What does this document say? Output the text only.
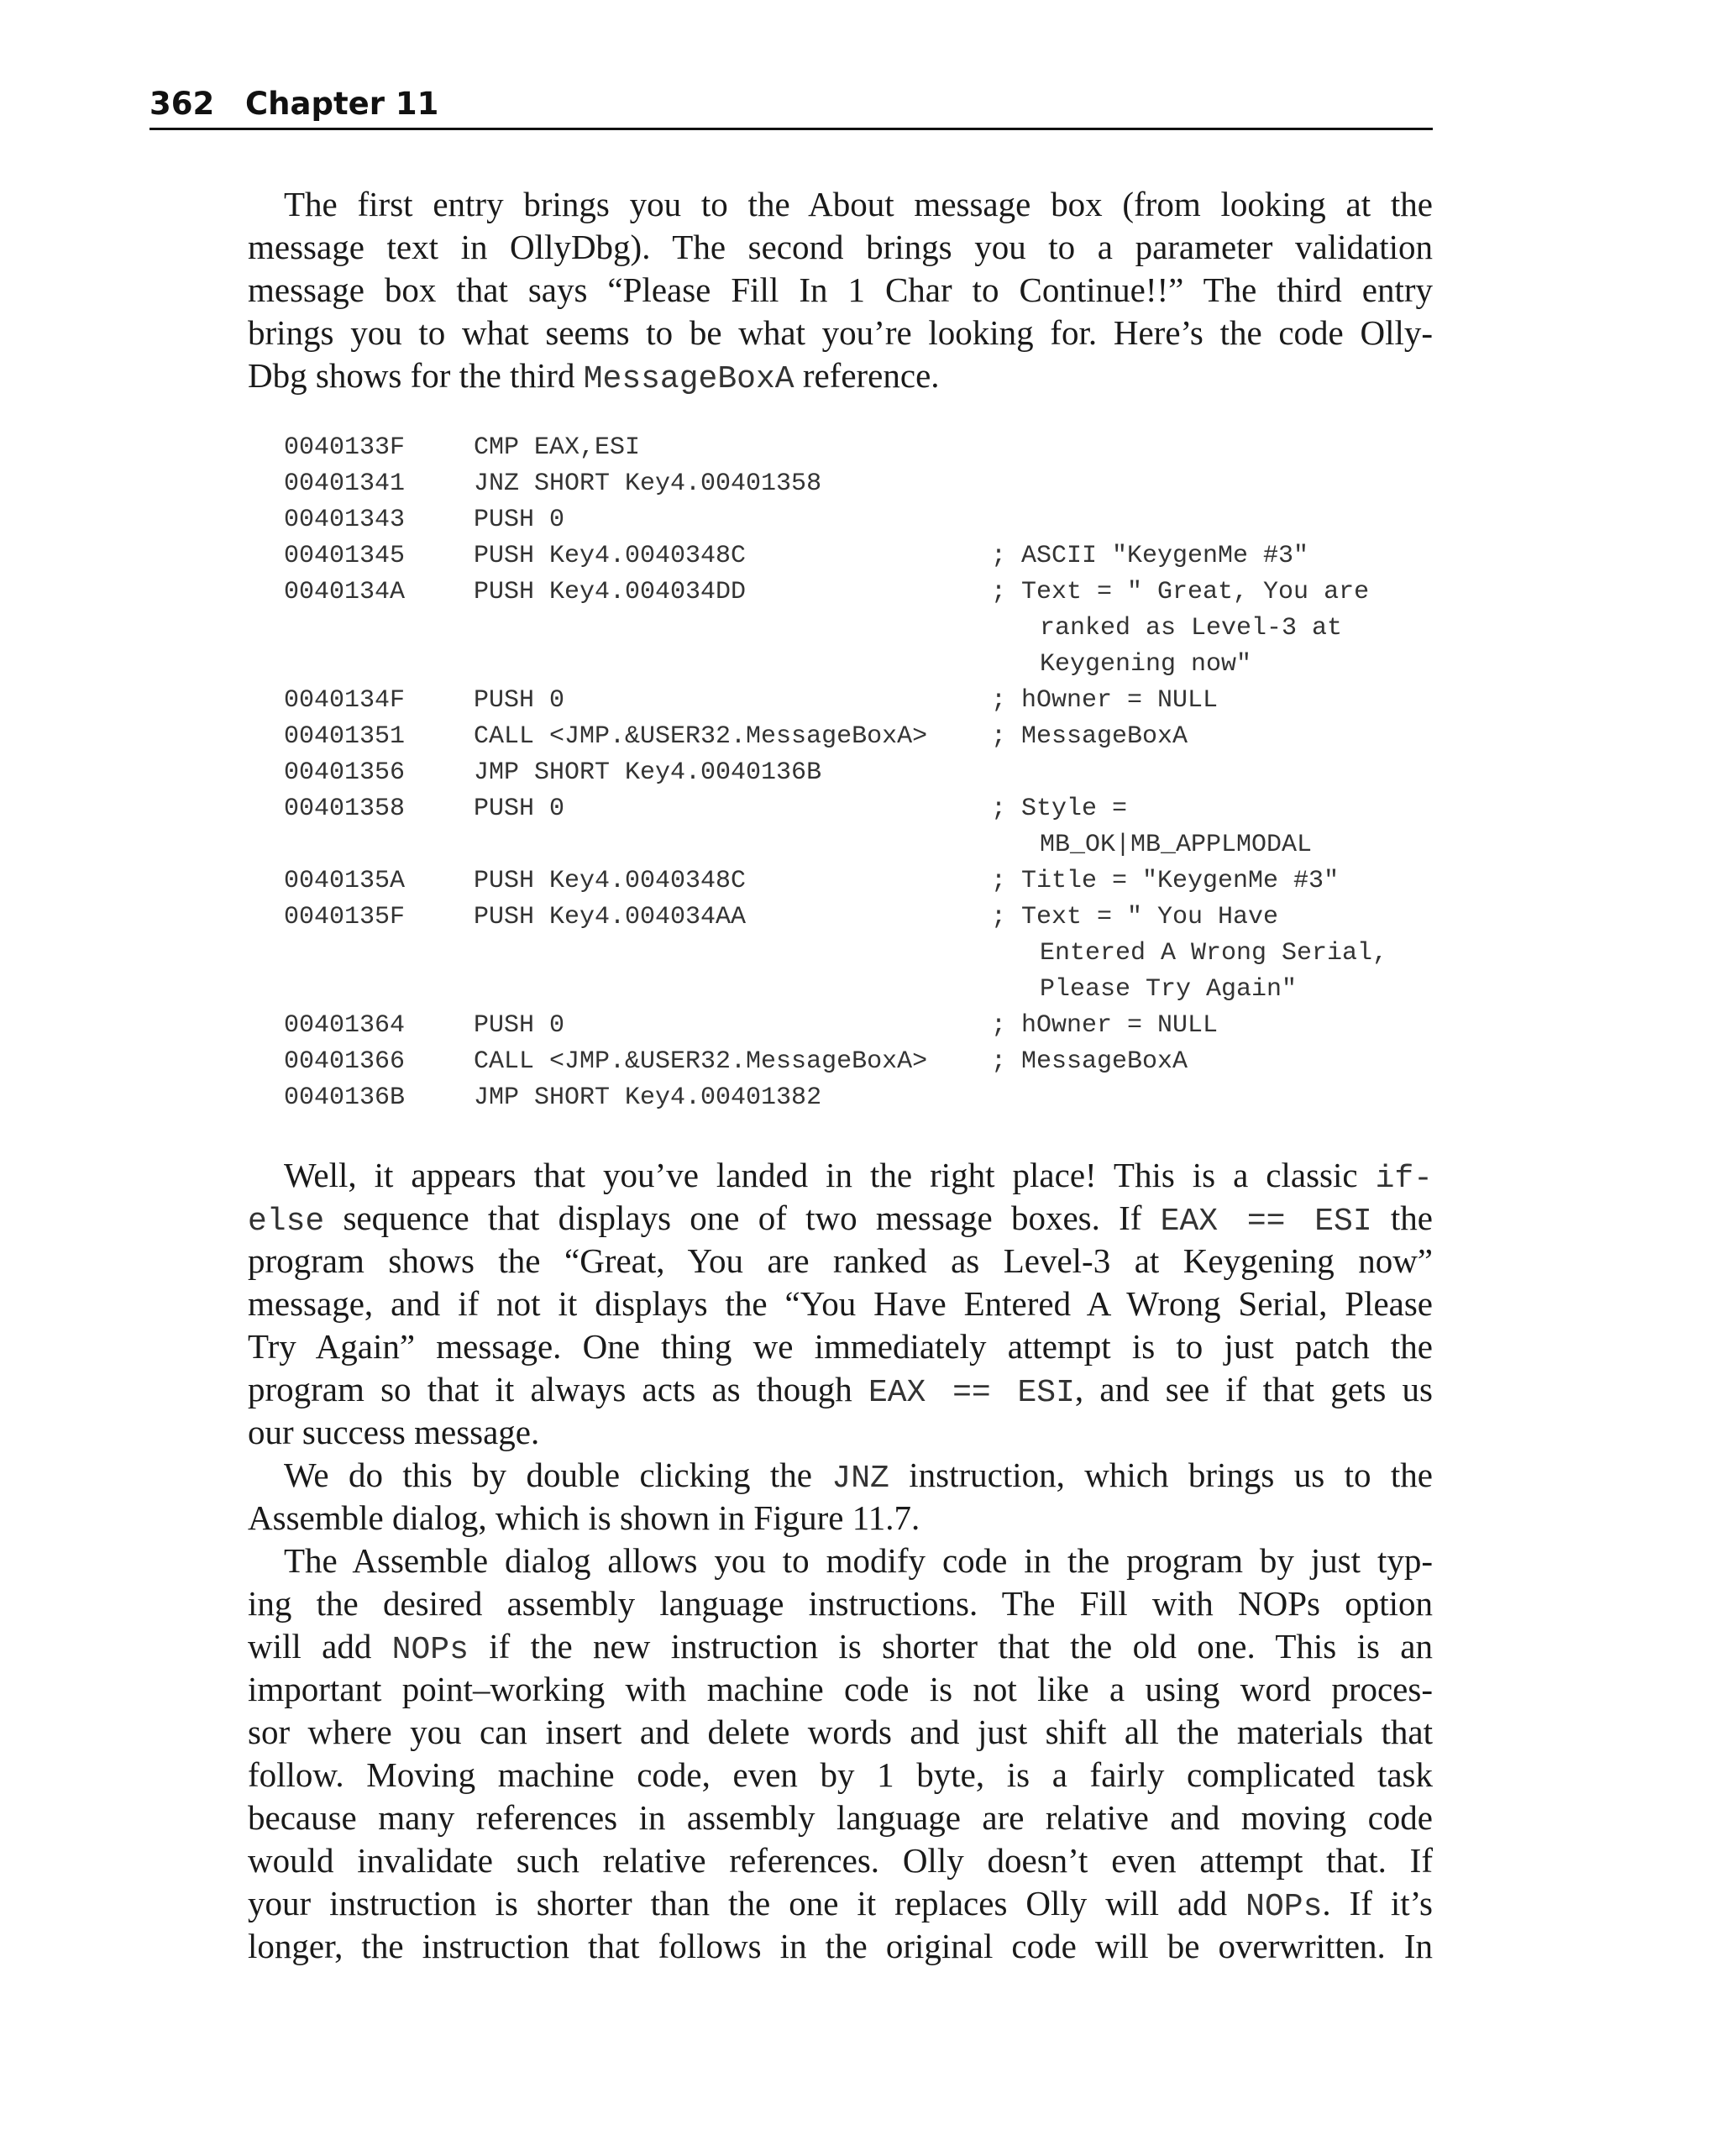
362 Chapter 11
The first entry brings you to the About message box (from looking at the
message text in OllyDbg). The second brings you to a parameter validation
message box that says “Please Fill In 1 Char to Continue!!” The third entry
brings you to what seems to be what you’re looking for. Here’s the code Olly-
Dbg shows for the third MessageBoxA reference.
0040133F	CMP EAX,ESI
00401341	JNZ SHORT Key4.00401358
00401343	PUSH 0
00401345	PUSH Key4.0040348C	; ASCII "KeygenMe #3"
0040134A	PUSH Key4.004034DD	; Text = " Great, You are
ranked as Level-3 at
Keygening now"
0040134F	PUSH 0	; hOwner = NULL
00401351	CALL <JMP.&USER32.MessageBoxA>	; MessageBoxA
00401356	JMP SHORT Key4.0040136B
00401358	PUSH 0	; Style =
MB_OK|MB_APPLMODAL
0040135A	PUSH Key4.0040348C	; Title = "KeygenMe #3"
0040135F	PUSH Key4.004034AA	; Text = " You Have
Entered A Wrong Serial,
Please Try Again"
00401364	PUSH 0	; hOwner = NULL
00401366	CALL <JMP.&USER32.MessageBoxA>	; MessageBoxA
0040136B	JMP SHORT Key4.00401382
Well, it appears that you’ve landed in the right place! This is a classic if-
else sequence that displays one of two message boxes. If EAX == ESI the
program shows the “Great, You are ranked as Level-3 at Keygening now”
message, and if not it displays the “You Have Entered A Wrong Serial, Please
Try Again” message. One thing we immediately attempt is to just patch the
program so that it always acts as though EAX == ESI, and see if that gets us
our success message.
We do this by double clicking the JNZ instruction, which brings us to the
Assemble dialog, which is shown in Figure 11.7.
The Assemble dialog allows you to modify code in the program by just typ-
ing the desired assembly language instructions. The Fill with NOPs option
will add NOPs if the new instruction is shorter that the old one. This is an
important point–working with machine code is not like a using word proces-
sor where you can insert and delete words and just shift all the materials that
follow. Moving machine code, even by 1 byte, is a fairly complicated task
because many references in assembly language are relative and moving code
would invalidate such relative references. Olly doesn’t even attempt that. If
your instruction is shorter than the one it replaces Olly will add NOPs. If it’s
longer, the instruction that follows in the original code will be overwritten. In
